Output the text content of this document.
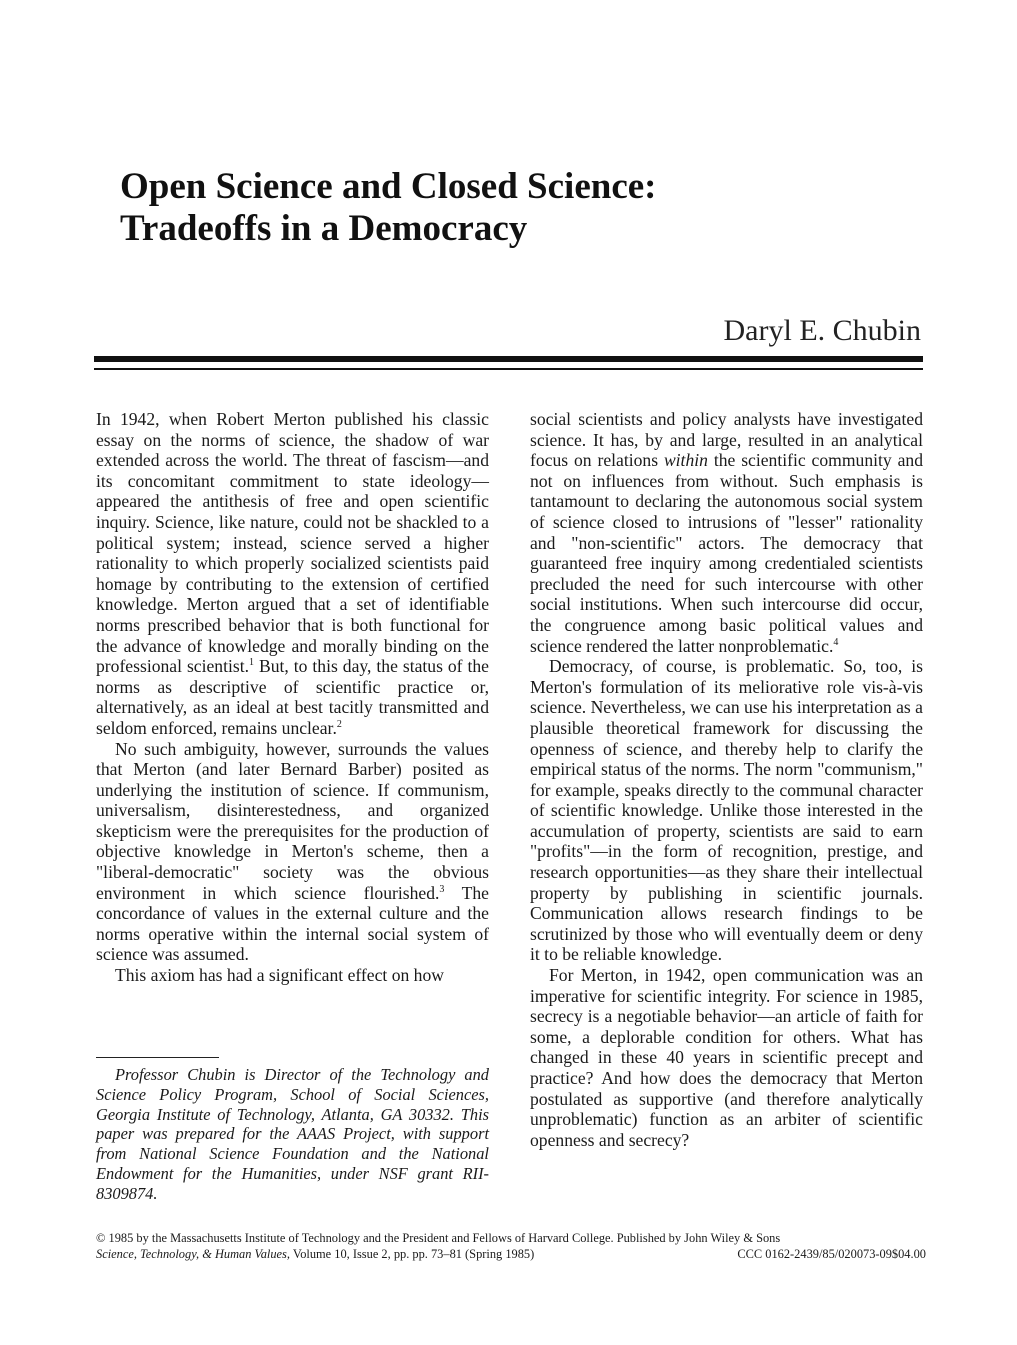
Open Science and Closed Science:
Tradeoffs in a Democracy
Daryl E. Chubin

In 1942, when Robert Merton published his classic essay on the norms of science, the shadow of war extended across the world. The threat of fascism—and its concomitant commitment to state ideology—appeared the antithesis of free and open scientific inquiry. Science, like nature, could not be shackled to a political system; instead, science served a higher rationality to which properly socialized scientists paid homage by contributing to the extension of certified knowledge. Merton argued that a set of identifiable norms prescribed behavior that is both functional for the advance of knowledge and morally binding on the professional scientist.$^1$ But, to this day, the status of the norms as descriptive of scientific practice or, alternatively, as an ideal at best tacitly transmitted and seldom enforced, remains unclear.$^2$

No such ambiguity, however, surrounds the values that Merton (and later Bernard Barber) posited as underlying the institution of science. If communism, universalism, disinterestedness, and organized skepticism were the prerequisites for the production of objective knowledge in Merton's scheme, then a "liberal-democratic" society was the obvious environment in which science flourished.$^3$ The concordance of values in the external culture and the norms operative within the internal social system of science was assumed.

This axiom has had a significant effect on how

Professor Chubin is Director of the Technology and Science Policy Program, School of Social Sciences, Georgia Institute of Technology, Atlanta, GA 30332. This paper was prepared for the AAAS Project, with support from National Science Foundation and the National Endowment for the Humanities, under NSF grant RII-8309874.

social scientists and policy analysts have investigated science. It has, by and large, resulted in an analytical focus on relations within the scientific community and not on influences from without. Such emphasis is tantamount to declaring the autonomous social system of science closed to intrusions of "lesser" rationality and "non-scientific" actors. The democracy that guaranteed free inquiry among credentialed scientists precluded the need for such intercourse with other social institutions. When such intercourse did occur, the congruence among basic political values and science rendered the latter nonproblematic.$^4$

Democracy, of course, is problematic. So, too, is Merton's formulation of its meliorative role vis-à-vis science. Nevertheless, we can use his interpretation as a plausible theoretical framework for discussing the openness of science, and thereby help to clarify the empirical status of the norms. The norm "communism," for example, speaks directly to the communal character of scientific knowledge. Unlike those interested in the accumulation of property, scientists are said to earn "profits"—in the form of recognition, prestige, and research opportunities—as they share their intellectual property by publishing in scientific journals. Communication allows research findings to be scrutinized by those who will eventually deem or deny it to be reliable knowledge.

For Merton, in 1942, open communication was an imperative for scientific integrity. For science in 1985, secrecy is a negotiable behavior—an article of faith for some, a deplorable condition for others. What has changed in these 40 years in scientific precept and practice? And how does the democracy that Merton postulated as supportive (and therefore analytically unproblematic) function as an arbiter of scientific openness and secrecy?

© 1985 by the Massachusetts Institute of Technology and the President and Fellows of Harvard College. Published by John Wiley & Sons
Science, Technology, & Human Values, Volume 10, Issue 2, pp. pp. 73–81 (Spring 1985)	CCC 0162-2439/85/020073-09$04.00
